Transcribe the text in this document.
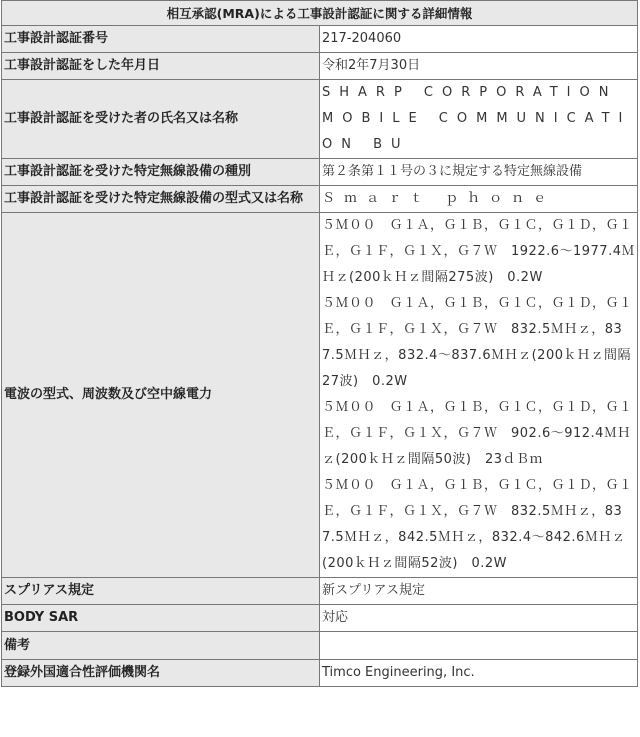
相互承認(MRA)による工事設計認証に関する詳細情報	
工事設計認証番号	217-204060
工事設計認証をした年月日	令和2年7月30日
工事設計認証を受けた者の氏名又は名称	SHARP CORPORATION MOBILE COMMUNICATION BU
工事設計認証を受けた特定無線設備の種別	第２条第１１号の３に規定する特定無線設備
工事設計認証を受けた特定無線設備の型式又は名称	Ｓｍａｒｔ ｐｈｏｎｅ
電波の型式、周波数及び空中線電力	５Ｍ００　Ｇ１Ａ，Ｇ１Ｂ，Ｇ１Ｃ，Ｇ１Ｄ，Ｇ１Ｅ，Ｇ１Ｆ，Ｇ１Ｘ，Ｇ７Ｗ　1922.6～1977.4ＭＨｚ(200ｋＨｚ間隔275波)　0.2W
５Ｍ００　Ｇ１Ａ，Ｇ１Ｂ，Ｇ１Ｃ，Ｇ１Ｄ，Ｇ１Ｅ，Ｇ１Ｆ，Ｇ１Ｘ，Ｇ７Ｗ　832.5ＭＨｚ，837.5ＭＨｚ，832.4～837.6ＭＨｚ(200ｋＨｚ間隔27波)　0.2W
５Ｍ００　Ｇ１Ａ，Ｇ１Ｂ，Ｇ１Ｃ，Ｇ１Ｄ，Ｇ１Ｅ，Ｇ１Ｆ，Ｇ１Ｘ，Ｇ７Ｗ　902.6～912.4ＭＨｚ(200ｋＨｚ間隔50波)　23ｄＢｍ
５Ｍ００　Ｇ１Ａ，Ｇ１Ｂ，Ｇ１Ｃ，Ｇ１Ｄ，Ｇ１Ｅ，Ｇ１Ｆ，Ｇ１Ｘ，Ｇ７Ｗ　832.5ＭＨｚ，837.5ＭＨｚ，842.5ＭＨｚ，832.4～842.6ＭＨｚ(200ｋＨｚ間隔52波)　0.2W

スプリアス規定	新スプリアス規定
BODY SAR	対応
備考	
登録外国適合性評価機関名	Timco Engineering, Inc.
